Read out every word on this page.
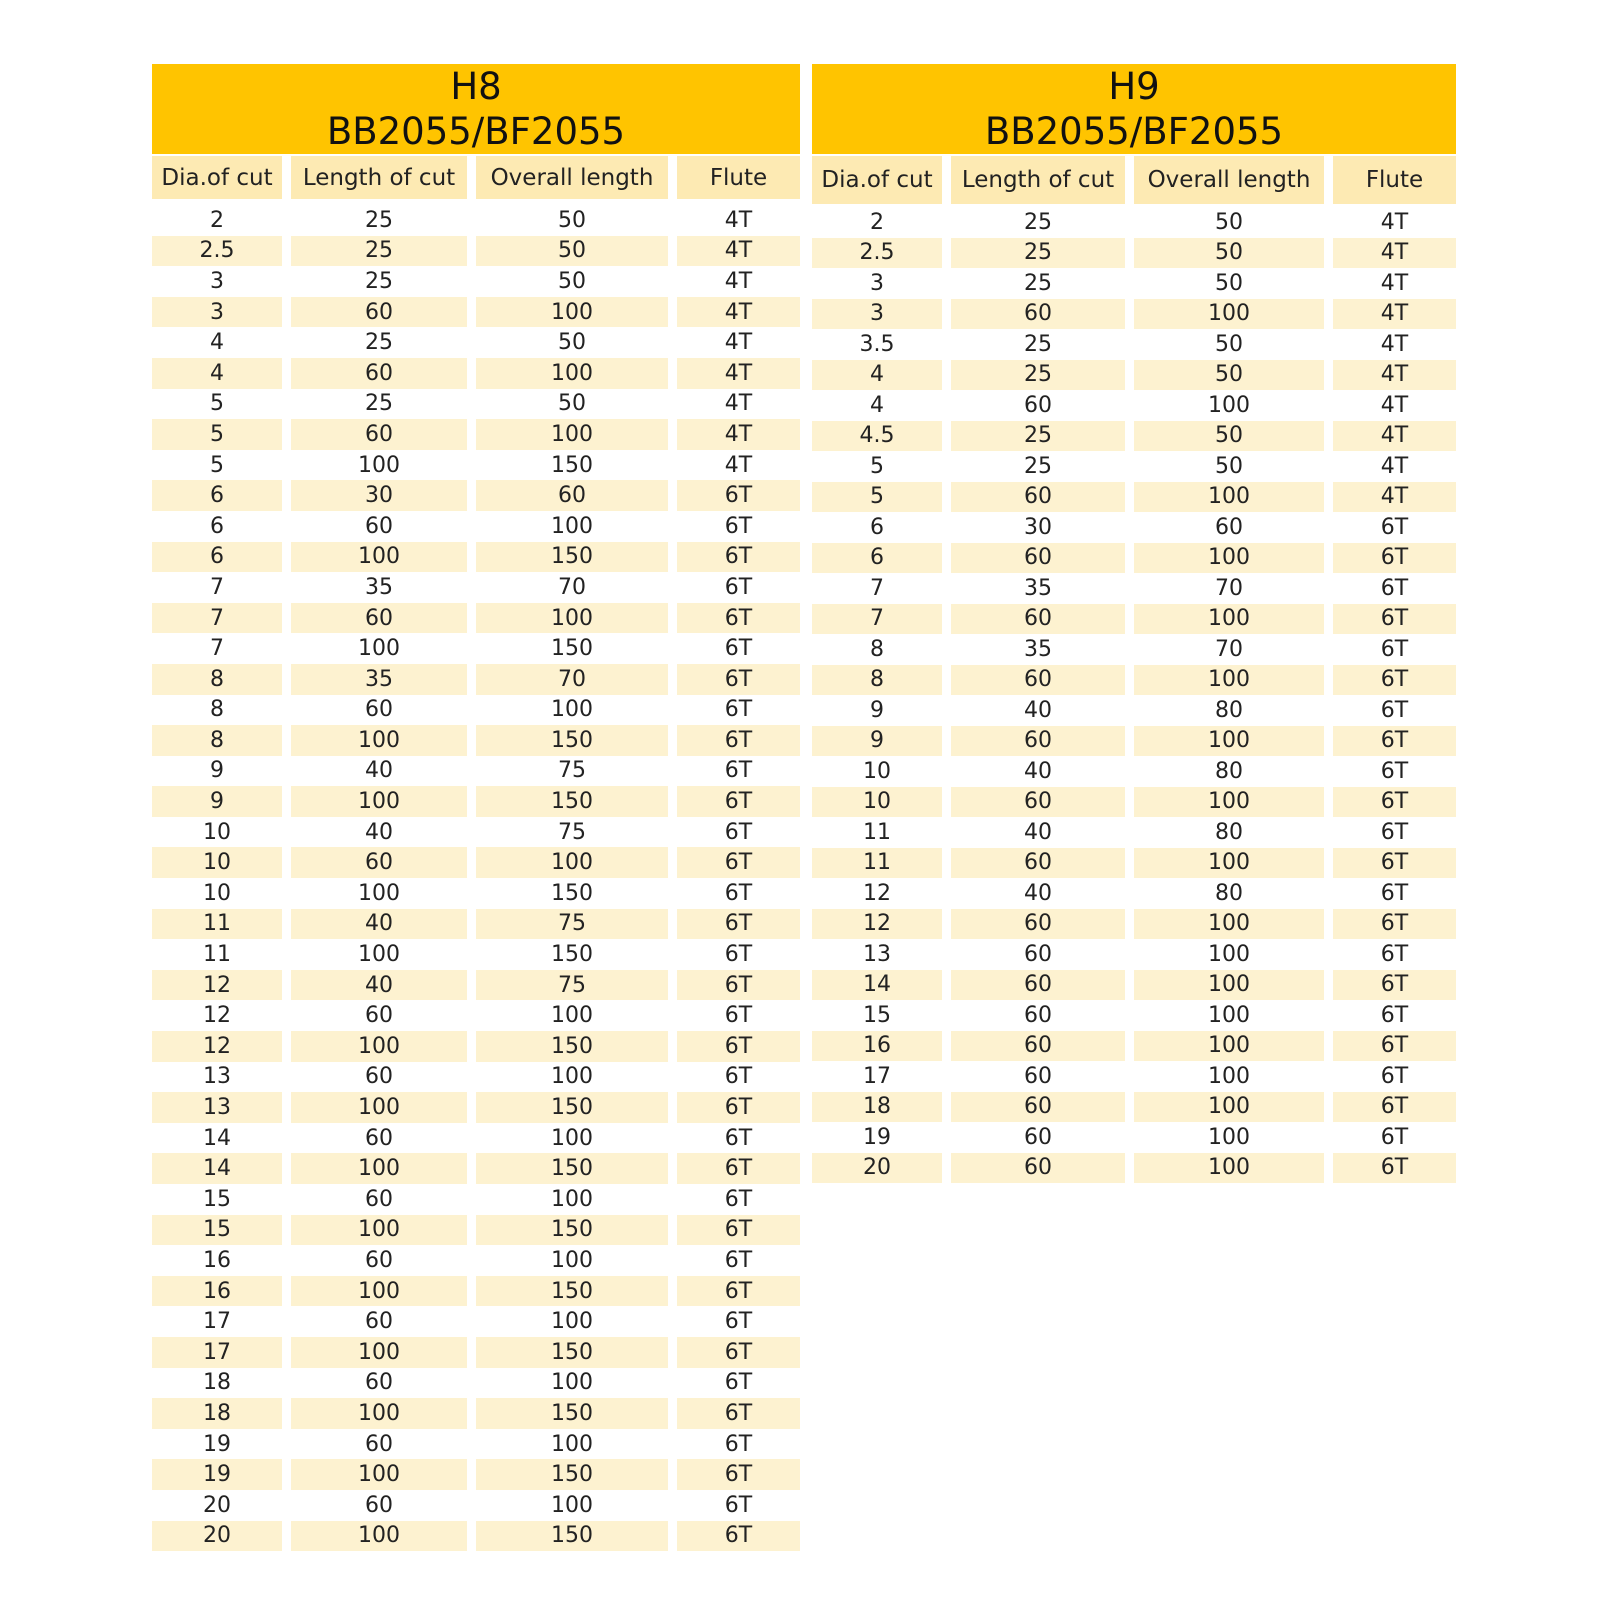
H8
BB2055/BF2055
Dia.of cut	Length of cut	Overall length	Flute
2	25	50	4T
2.5	25	50	4T
3	25	50	4T
3	60	100	4T
4	25	50	4T
4	60	100	4T
5	25	50	4T
5	60	100	4T
5	100	150	4T
6	30	60	6T
6	60	100	6T
6	100	150	6T
7	35	70	6T
7	60	100	6T
7	100	150	6T
8	35	70	6T
8	60	100	6T
8	100	150	6T
9	40	75	6T
9	100	150	6T
10	40	75	6T
10	60	100	6T
10	100	150	6T
11	40	75	6T
11	100	150	6T
12	40	75	6T
12	60	100	6T
12	100	150	6T
13	60	100	6T
13	100	150	6T
14	60	100	6T
14	100	150	6T
15	60	100	6T
15	100	150	6T
16	60	100	6T
16	100	150	6T
17	60	100	6T
17	100	150	6T
18	60	100	6T
18	100	150	6T
19	60	100	6T
19	100	150	6T
20	60	100	6T
20	100	150	6T
H9
BB2055/BF2055
Dia.of cut	Length of cut	Overall length	Flute
2	25	50	4T
2.5	25	50	4T
3	25	50	4T
3	60	100	4T
3.5	25	50	4T
4	25	50	4T
4	60	100	4T
4.5	25	50	4T
5	25	50	4T
5	60	100	4T
6	30	60	6T
6	60	100	6T
7	35	70	6T
7	60	100	6T
8	35	70	6T
8	60	100	6T
9	40	80	6T
9	60	100	6T
10	40	80	6T
10	60	100	6T
11	40	80	6T
11	60	100	6T
12	40	80	6T
12	60	100	6T
13	60	100	6T
14	60	100	6T
15	60	100	6T
16	60	100	6T
17	60	100	6T
18	60	100	6T
19	60	100	6T
20	60	100	6T
